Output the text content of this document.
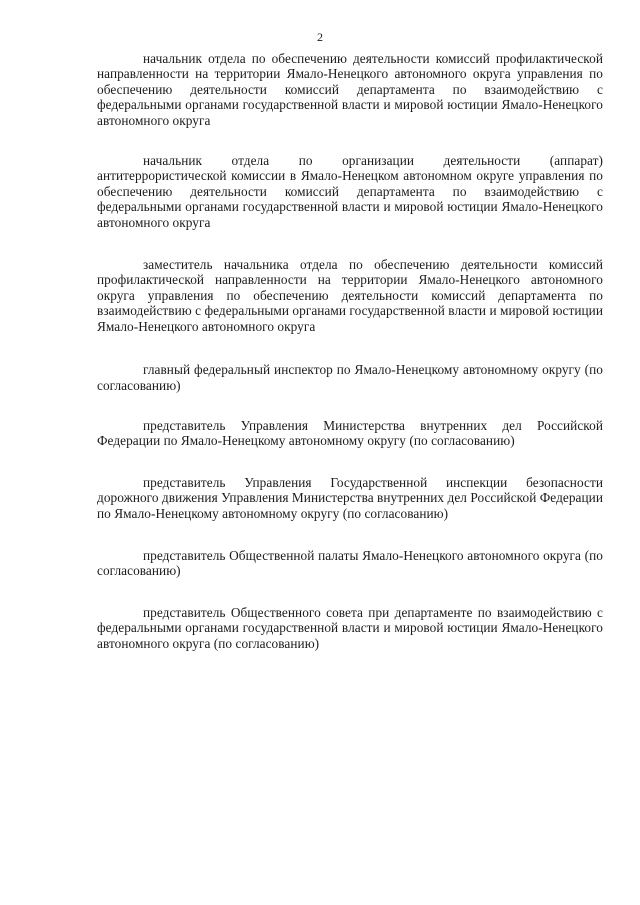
2

начальник отдела по обеспечению деятельности комиссий профилактической направленности на территории Ямало-Ненецкого автономного округа управления по обеспечению деятельности комиссий департамента по взаимодействию с федеральными органами государственной власти и мировой юстиции Ямало-Ненецкого автономного округа

начальник отдела по организации деятельности (аппарат) антитеррористической комиссии в Ямало-Ненецком автономном округе управления по обеспечению деятельности комиссий департамента по взаимодействию с федеральными органами государственной власти и мировой юстиции Ямало-Ненецкого автономного округа

заместитель начальника отдела по обеспечению деятельности комиссий профилактической направленности на территории Ямало-Ненецкого автономного округа управления по обеспечению деятельности комиссий департамента по взаимодействию с федеральными органами государственной власти и мировой юстиции Ямало-Ненецкого автономного округа

главный федеральный инспектор по Ямало-Ненецкому автономному округу (по согласованию)

представитель Управления Министерства внутренних дел Российской Федерации по Ямало-Ненецкому автономному округу (по согласованию)

представитель Управления Государственной инспекции безопасности дорожного движения Управления Министерства внутренних дел Российской Федерации по Ямало-Ненецкому автономному округу (по согласованию)

представитель Общественной палаты Ямало-Ненецкого автономного округа (по согласованию)

представитель Общественного совета при департаменте по взаимодействию с федеральными органами государственной власти и мировой юстиции Ямало-Ненецкого автономного округа (по согласованию)
